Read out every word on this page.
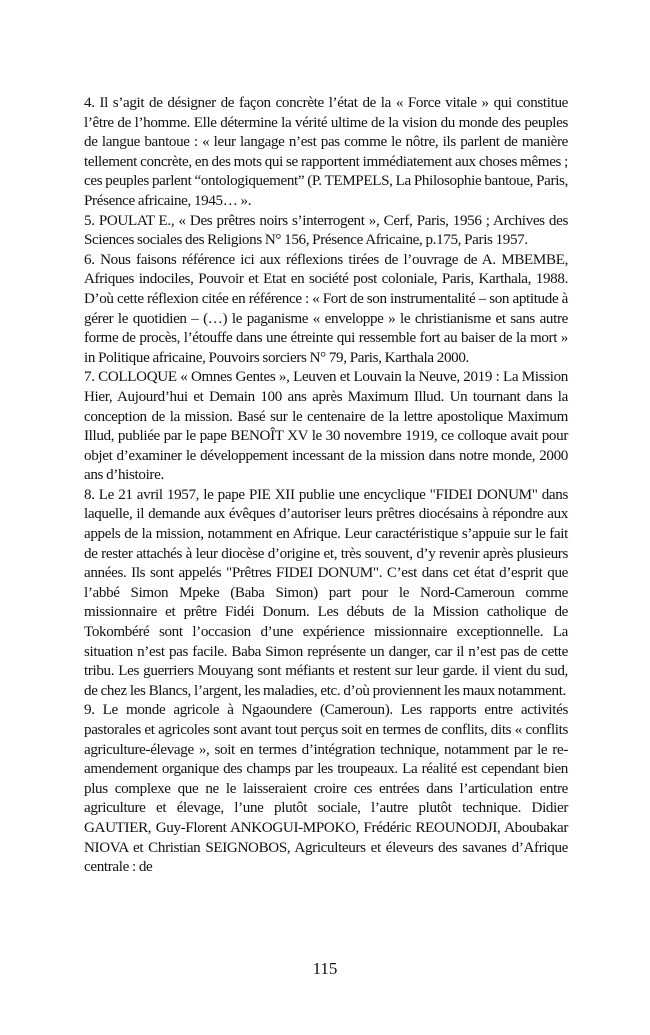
4. Il s’agit de désigner de façon concrète l’état de la « Force vitale » qui constitue l’être de l’homme. Elle détermine la vérité ultime de la vision du monde des peuples de langue bantoue : « leur langage n’est pas comme le nôtre, ils parlent de manière tellement concrète, en des mots qui se rapportent immédiatement aux choses mêmes ; ces peuples parlent “ontologiquement” (P. TEMPELS, La Philosophie bantoue, Paris, Présence africaine, 1945… ».

5. POULAT E., « Des prêtres noirs s’interrogent », Cerf, Paris, 1956 ; Archives des Sciences sociales des Religions N° 156, Présence Africaine, p.175, Paris 1957.

6. Nous faisons référence ici aux réflexions tirées de l’ouvrage de A. MBEMBE, Afriques indociles, Pouvoir et Etat en société post coloniale, Paris, Karthala, 1988. D’où cette réflexion citée en référence : « Fort de son instrumentalité – son aptitude à gérer le quotidien – (…) le paganisme « enveloppe » le christianisme et sans autre forme de procès, l’étouffe dans une étreinte qui ressemble fort au baiser de la mort » in Politique africaine, Pouvoirs sorciers N° 79, Paris, Karthala 2000.

7. COLLOQUE « Omnes Gentes », Leuven et Louvain la Neuve, 2019 : La Mission Hier, Aujourd’hui et Demain 100 ans après Maximum Illud. Un tournant dans la conception de la mission. Basé sur le centenaire de la lettre apostolique Maximum Illud, publiée par le pape BENOÎT XV le 30 novembre 1919, ce colloque avait pour objet d’examiner le développement incessant de la mission dans notre monde, 2000 ans d’histoire.

8. Le 21 avril 1957, le pape PIE XII publie une encyclique "FIDEI DONUM" dans laquelle, il demande aux évêques d’autoriser leurs prêtres diocésains à répondre aux appels de la mission, notamment en Afrique. Leur caractéristique s’appuie sur le fait de rester attachés à leur diocèse d’origine et, très souvent, d’y revenir après plusieurs années. Ils sont appelés "Prêtres FIDEI DONUM". C’est dans cet état d’esprit que l’abbé Simon Mpeke (Baba Simon) part pour le Nord-Cameroun comme missionnaire et prêtre Fidéi Donum. Les débuts de la Mission catholique de Tokombéré sont l’occasion d’une expérience missionnaire exceptionnelle. La situation n’est pas facile. Baba Simon représente un danger, car il n’est pas de cette tribu. Les guerriers Mouyang sont méfiants et restent sur leur garde. il vient du sud, de chez les Blancs, l’argent, les maladies, etc. d’où proviennent les maux notamment.

9. Le monde agricole à Ngaoundere (Cameroun). Les rapports entre activités pastorales et agricoles sont avant tout perçus soit en termes de conflits, dits « conflits agriculture-élevage », soit en termes d’intégration technique, notamment par le re-amendement organique des champs par les troupeaux. La réalité est cependant bien plus complexe que ne le laisseraient croire ces entrées dans l’articulation entre agriculture et élevage, l’une plutôt sociale, l’autre plutôt technique. Didier GAUTIER, Guy-Florent ANKOGUI-MPOKO, Frédéric REOUNODJI, Aboubakar NIOVA et Christian SEIGNOBOS, Agriculteurs et éleveurs des savanes d’Afrique centrale : de

115
